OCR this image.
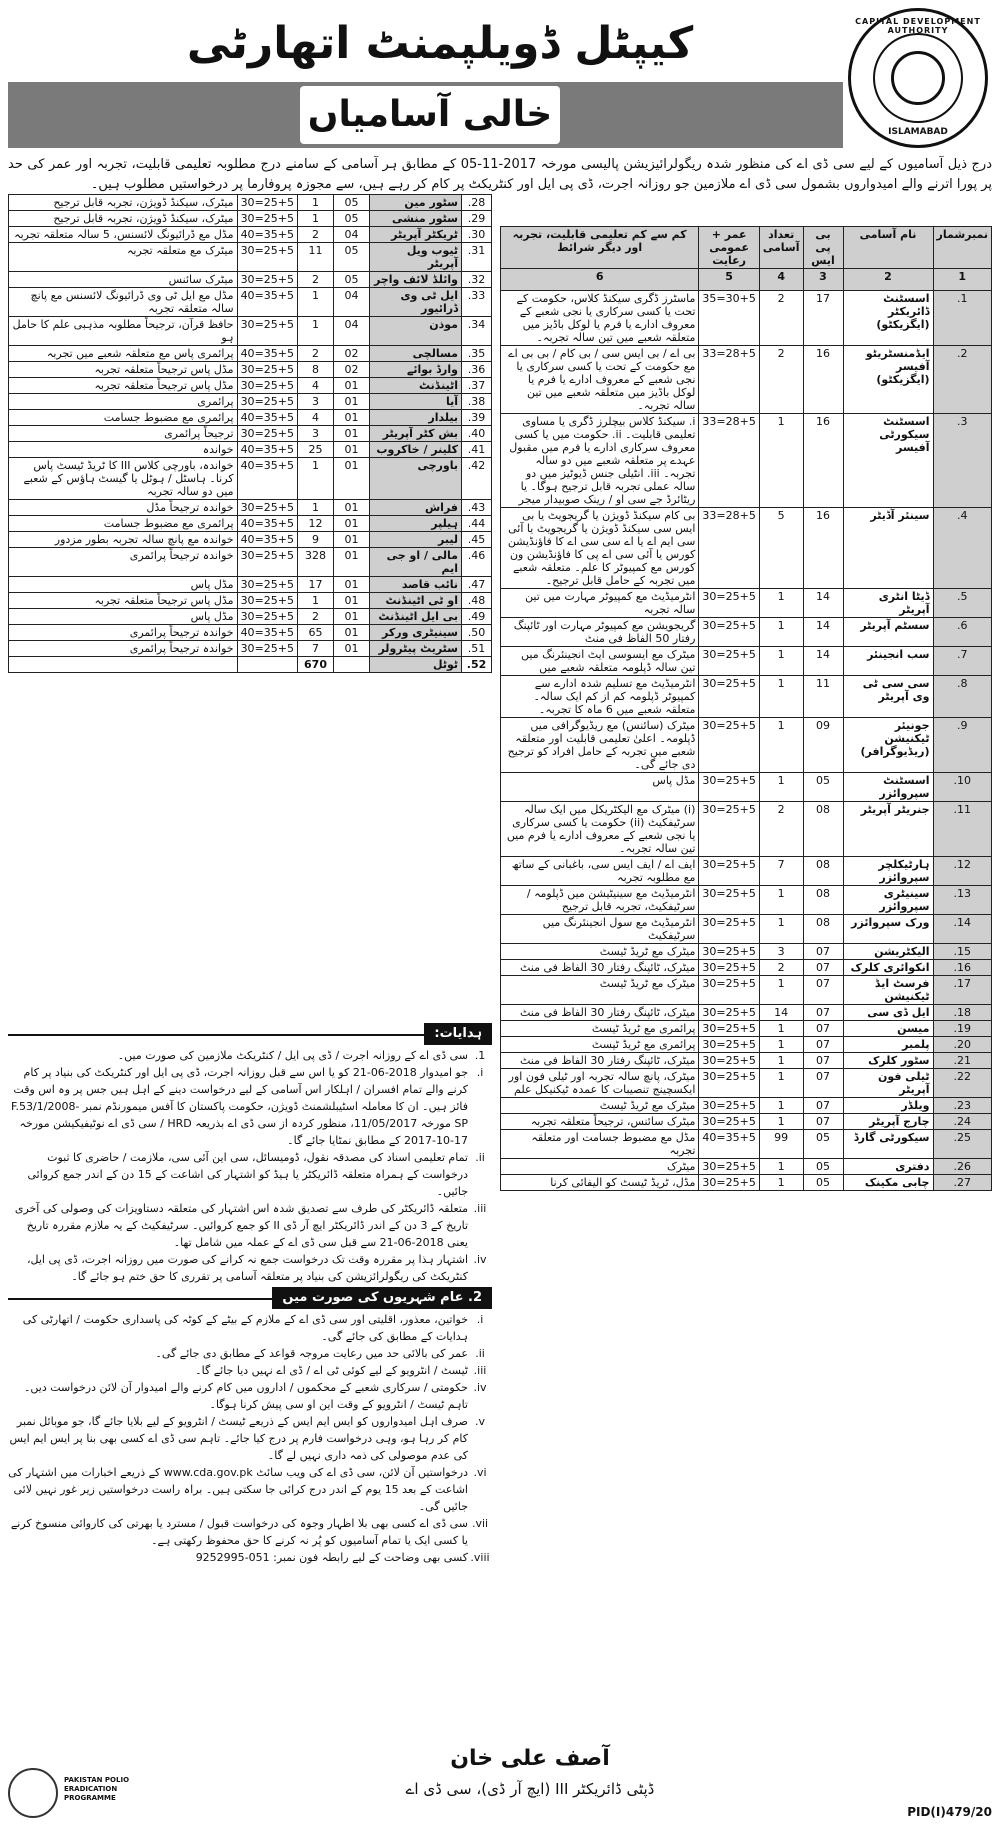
کیپٹل ڈویلپمنٹ اتھارٹی
خالی آسامیاں
CAPITAL DEVELOPMENT AUTHORITY
ISLAMABAD
درج ذیل آسامیوں کے لیے سی ڈی اے کی منظور شدہ ریگولرائیزیشن پالیسی مورخہ 2017-11-05 کے مطابق ہر آسامی کے سامنے درج مطلوبہ تعلیمی قابلیت، تجربہ اور عمر کی حد پر پورا اترنے والے امیدواروں بشمول سی ڈی اے ملازمین جو روزانہ اجرت، ڈی پی ایل اور کنٹریکٹ پر کام کر رہے ہیں، سے مجوزہ پروفارما پر درخواستیں مطلوب ہیں۔
نمبرشمار	نام آسامی	بی پی ایس	تعداد آسامی	عمر + عمومی رعایت	کم سے کم تعلیمی قابلیت، تجربہ اور دیگر شرائط
1	2	3	4	5	6
1.	اسسٹنٹ ڈائریکٹر (ایگزیکٹو)	17	2	30+5=35	ماسٹرز ڈگری سیکنڈ کلاس، حکومت کے تحت یا کسی سرکاری یا نجی شعبے کے معروف ادارے یا فرم یا لوکل باڈیز میں متعلقہ شعبے میں تین سالہ تجربہ۔
2.	ایڈمنسٹریٹو آفیسر (ایگزیکٹو)	16	2	28+5=33	بی اے / بی ایس سی / بی کام / بی بی اے مع حکومت کے تحت یا کسی سرکاری یا نجی شعبے کے معروف ادارے یا فرم یا لوکل باڈیز میں متعلقہ شعبے میں تین سالہ تجربہ۔
3.	اسسٹنٹ سیکورٹی آفیسر	16	1	28+5=33	i. سیکنڈ کلاس بیچلرز ڈگری یا مساوی تعلیمی قابلیت۔ ii. حکومت میں یا کسی معروف سرکاری ادارے یا فرم میں مقبول عہدے پر متعلقہ شعبے میں دو سالہ تجربہ۔ iii. انٹیلی جنس ڈیوٹیز میں دو سالہ عملی تجربہ قابل ترجیح ہوگا۔ یا ریٹائرڈ جے سی او / رینک صوبیدار میجر
4.	سینئر آڈیٹر	16	5	28+5=33	بی کام سیکنڈ ڈویژن یا گریجویٹ یا بی ایس سی سیکنڈ ڈویژن یا گریجویٹ یا آئی سی ایم اے یا اے سی سی اے کا فاؤنڈیشن کورس یا آئی سی اے پی کا فاؤنڈیشن ون کورس مع کمپیوٹر کا علم۔ متعلقہ شعبے میں تجربہ کے حامل قابل ترجیح۔
5.	ڈیٹا انٹری آپریٹر	14	1	25+5=30	انٹرمیڈیٹ مع کمپیوٹر مہارت میں تین سالہ تجربہ
6.	سسٹم آپریٹر	14	1	25+5=30	گریجویشن مع کمپیوٹر مہارت اور ٹائپنگ رفتار 50 الفاظ فی منٹ
7.	سب انجینئر	14	1	25+5=30	میٹرک مع ایسوسی ایٹ انجینئرنگ میں تین سالہ ڈپلومہ متعلقہ شعبے میں
8.	سی سی ٹی وی آپریٹر	11	1	25+5=30	انٹرمیڈیٹ مع تسلیم شدہ ادارے سے کمپیوٹر ڈپلومہ کم از کم ایک سالہ۔ متعلقہ شعبے میں 6 ماہ کا تجربہ۔
9.	جونیئر ٹیکنیشن (ریڈیوگرافر)	09	1	25+5=30	میٹرک (سائنس) مع ریڈیوگرافی میں ڈپلومہ۔ اعلیٰ تعلیمی قابلیت اور متعلقہ شعبے میں تجربہ کے حامل افراد کو ترجیح دی جائے گی۔
10.	اسسٹنٹ سپروائزر	05	1	25+5=30	مڈل پاس
11.	جنریٹر آپریٹر	08	2	25+5=30	(i) میٹرک مع الیکٹریکل میں ایک سالہ سرٹیفکیٹ (ii) حکومت یا کسی سرکاری یا نجی شعبے کے معروف ادارے یا فرم میں تین سالہ تجربہ۔
12.	ہارٹیکلچر سپروائزر	08	7	25+5=30	ایف اے / ایف ایس سی، باغبانی کے ساتھ مع مطلوبہ تجربہ
13.	سینیٹری سپروائزر	08	1	25+5=30	انٹرمیڈیٹ مع سینیٹیشن میں ڈپلومہ / سرٹیفکیٹ، تجربہ قابل ترجیح
14.	ورک سپروائزر	08	1	25+5=30	انٹرمیڈیٹ مع سول انجینئرنگ میں سرٹیفکیٹ
15.	الیکٹریشن	07	3	25+5=30	میٹرک مع ٹریڈ ٹیسٹ
16.	انکوائری کلرک	07	2	25+5=30	میٹرک، ٹائپنگ رفتار 30 الفاظ فی منٹ
17.	فرسٹ ایڈ ٹیکنیشن	07	1	25+5=30	میٹرک مع ٹریڈ ٹیسٹ
18.	ایل ڈی سی	07	14	25+5=30	میٹرک، ٹائپنگ رفتار 30 الفاظ فی منٹ
19.	میسن	07	1	25+5=30	پرائمری مع ٹریڈ ٹیسٹ
20.	پلمبر	07	1	25+5=30	پرائمری مع ٹریڈ ٹیسٹ
21.	سٹور کلرک	07	1	25+5=30	میٹرک، ٹائپنگ رفتار 30 الفاظ فی منٹ
22.	ٹیلی فون آپریٹر	07	1	25+5=30	میٹرک، پانچ سالہ تجربہ اور ٹیلی فون اور ایکسچینج تنصیبات کا عمدہ ٹیکنیکل علم
23.	ویلڈر	07	1	25+5=30	میٹرک مع ٹریڈ ٹیسٹ
24.	چارج آپریٹر	07	1	25+5=30	میٹرک سائنس، ترجیحاً متعلقہ تجربہ
25.	سیکورٹی گارڈ	05	99	35+5=40	مڈل مع مضبوط جسامت اور متعلقہ تجربہ
26.	دفتری	05	1	25+5=30	میٹرک
27.	چابی مکینک	05	1	25+5=30	مڈل، ٹریڈ ٹیسٹ کو الیفائی کرنا
28.	سٹور مین	05	1	25+5=30	میٹرک، سیکنڈ ڈویژن، تجربہ قابل ترجیح
29.	سٹور منشی	05	1	25+5=30	میٹرک، سیکنڈ ڈویژن، تجربہ قابل ترجیح
30.	ٹریکٹر آپریٹر	04	2	35+5=40	مڈل مع ڈرائیونگ لائسنس، 5 سالہ متعلقہ تجربہ
31.	ٹیوب ویل آپریٹر	05	11	25+5=30	میٹرک مع متعلقہ تجربہ
32.	وائلڈ لائف واچر	05	2	25+5=30	میٹرک سائنس
33.	ایل ٹی وی ڈرائیور	04	1	35+5=40	مڈل مع ایل ٹی وی ڈرائیونگ لائسنس مع پانچ سالہ متعلقہ تجربہ
34.	موذن	04	1	25+5=30	حافظ قرآن، ترجیحاً مطلوبہ مذہبی علم کا حامل ہو
35.	مسالچی	02	2	35+5=40	پرائمری پاس مع متعلقہ شعبے میں تجربہ
36.	وارڈ بوائے	02	8	25+5=30	مڈل پاس ترجیحاً متعلقہ تجربہ
37.	اٹینڈنٹ	01	4	25+5=30	مڈل پاس ترجیحاً متعلقہ تجربہ
38.	آیا	01	3	25+5=30	پرائمری
39.	بیلدار	01	4	35+5=40	پرائمری مع مضبوط جسامت
40.	بش کٹر آپریٹر	01	3	25+5=30	ترجیحاً پرائمری
41.	کلینر / خاکروب	01	25	35+5=40	خواندہ
42.	باورچی	01	1	35+5=40	خواندہ، باورچی کلاس III کا ٹریڈ ٹیسٹ پاس کرنا۔ ہاسٹل / ہوٹل یا گیسٹ ہاؤس کے شعبے میں دو سالہ تجربہ
43.	فراش	01	1	25+5=30	خواندہ ترجیحاً مڈل
44.	ہیلپر	01	12	35+5=40	پرائمری مع مضبوط جسامت
45.	لیبر	01	9	35+5=40	خواندہ مع پانچ سالہ تجربہ بطور مزدور
46.	مالی / او جی ایم	01	328	25+5=30	خواندہ ترجیحاً پرائمری
47.	نائب قاصد	01	17	25+5=30	مڈل پاس
48.	او ٹی اٹینڈنٹ	01	1	25+5=30	مڈل پاس ترجیحاً متعلقہ تجربہ
49.	بی ایل اٹینڈنٹ	01	2	25+5=30	مڈل پاس
50.	سینیٹری ورکر	01	65	35+5=40	خواندہ ترجیحاً پرائمری
51.	سٹریٹ پیٹرولر	01	7	25+5=30	خواندہ ترجیحاً پرائمری
52.	ٹوٹل		670		
ہدایات:
1.
سی ڈی اے کے روزانہ اجرت / ڈی پی ایل / کنٹریکٹ ملازمین کی صورت میں۔
i.
جو امیدوار 2018-06-21 کو یا اس سے قبل روزانہ اجرت، ڈی پی ایل اور کنٹریکٹ کی بنیاد پر کام کرنے والے تمام افسران / اہلکار اس آسامی کے لیے درخواست دینے کے اہل ہیں جس پر وہ اس وقت فائز ہیں۔ ان کا معاملہ اسٹیبلشمنٹ ڈویژن، حکومت پاکستان کا آفس میمورنڈم نمبر F.53/1/2008-SP مورخہ 11/05/2017، منظور کردہ از سی ڈی اے بذریعہ HRD / سی ڈی اے نوٹیفیکیشن مورخہ 17-10-2017 کے مطابق نمٹایا جائے گا۔
ii.
تمام تعلیمی اسناد کی مصدقہ نقول، ڈومیسائل، سی این آئی سی، ملازمت / حاضری کا ثبوت درخواست کے ہمراہ متعلقہ ڈائریکٹر یا ہیڈ کو اشتہار کی اشاعت کے 15 دن کے اندر جمع کروائی جائیں۔
iii.
متعلقہ ڈائریکٹر کی طرف سے تصدیق شدہ اس اشتہار کی متعلقہ دستاویزات کی وصولی کی آخری تاریخ کے 3 دن کے اندر ڈائریکٹر ایچ آر ڈی II کو جمع کروائیں۔ سرٹیفکیٹ کے یہ ملازم مقررہ تاریخ یعنی 2018-06-21 سے قبل سی ڈی اے کے عملہ میں شامل تھا۔
iv.
اشتہار ہذا پر مقررہ وقت تک درخواست جمع نہ کرانے کی صورت میں روزانہ اجرت، ڈی پی ایل، کنٹریکٹ کی ریگولرائزیشن کی بنیاد پر متعلقہ آسامی پر تقرری کا حق ختم ہو جائے گا۔
2. عام شہریوں کی صورت میں
i.
خواتین، معذور، اقلیتی اور سی ڈی اے کے ملازم کے بیٹے کے کوٹہ کی پاسداری حکومت / اتھارٹی کی ہدایات کے مطابق کی جائے گی۔
ii.
عمر کی بالائی حد میں رعایت مروجہ قواعد کے مطابق دی جائے گی۔
iii.
ٹیسٹ / انٹرویو کے لیے کوئی ٹی اے / ڈی اے نہیں دیا جائے گا۔
iv.
حکومتی / سرکاری شعبے کے محکموں / اداروں میں کام کرنے والے امیدوار آن لائن درخواست دیں۔ تاہم ٹیسٹ / انٹرویو کے وقت این او سی پیش کرنا ہوگا۔
v.
صرف اہل امیدواروں کو ایس ایم ایس کے ذریعے ٹیسٹ / انٹرویو کے لیے بلایا جائے گا، جو موبائل نمبر کام کر رہا ہو، وہی درخواست فارم پر درج کیا جائے۔ تاہم سی ڈی اے کسی بھی بنا پر ایس ایم ایس کی عدم موصولی کی ذمہ داری نہیں لے گا۔
vi.
درخواستیں آن لائن، سی ڈی اے کی ویب سائٹ www.cda.gov.pk کے ذریعے اخبارات میں اشتہار کی اشاعت کے بعد 15 یوم کے اندر درج کرائی جا سکتی ہیں۔ براہ راست درخواستیں زیر غور نہیں لائی جائیں گی۔
vii.
سی ڈی اے کسی بھی بلا اظہار وجوہ کی درخواست قبول / مسترد یا بھرتی کی کاروائی منسوخ کرنے یا کسی ایک یا تمام آسامیوں کو پُر نہ کرنے کا حق محفوظ رکھتی ہے۔
viii.
کسی بھی وضاحت کے لیے رابطہ فون نمبر: 051-9252995
PAKISTAN POLIO ERADICATION PROGRAMME
آصف علی خان
ڈپٹی ڈائریکٹر III (ایچ آر ڈی)، سی ڈی اے
PID(I)479/20
